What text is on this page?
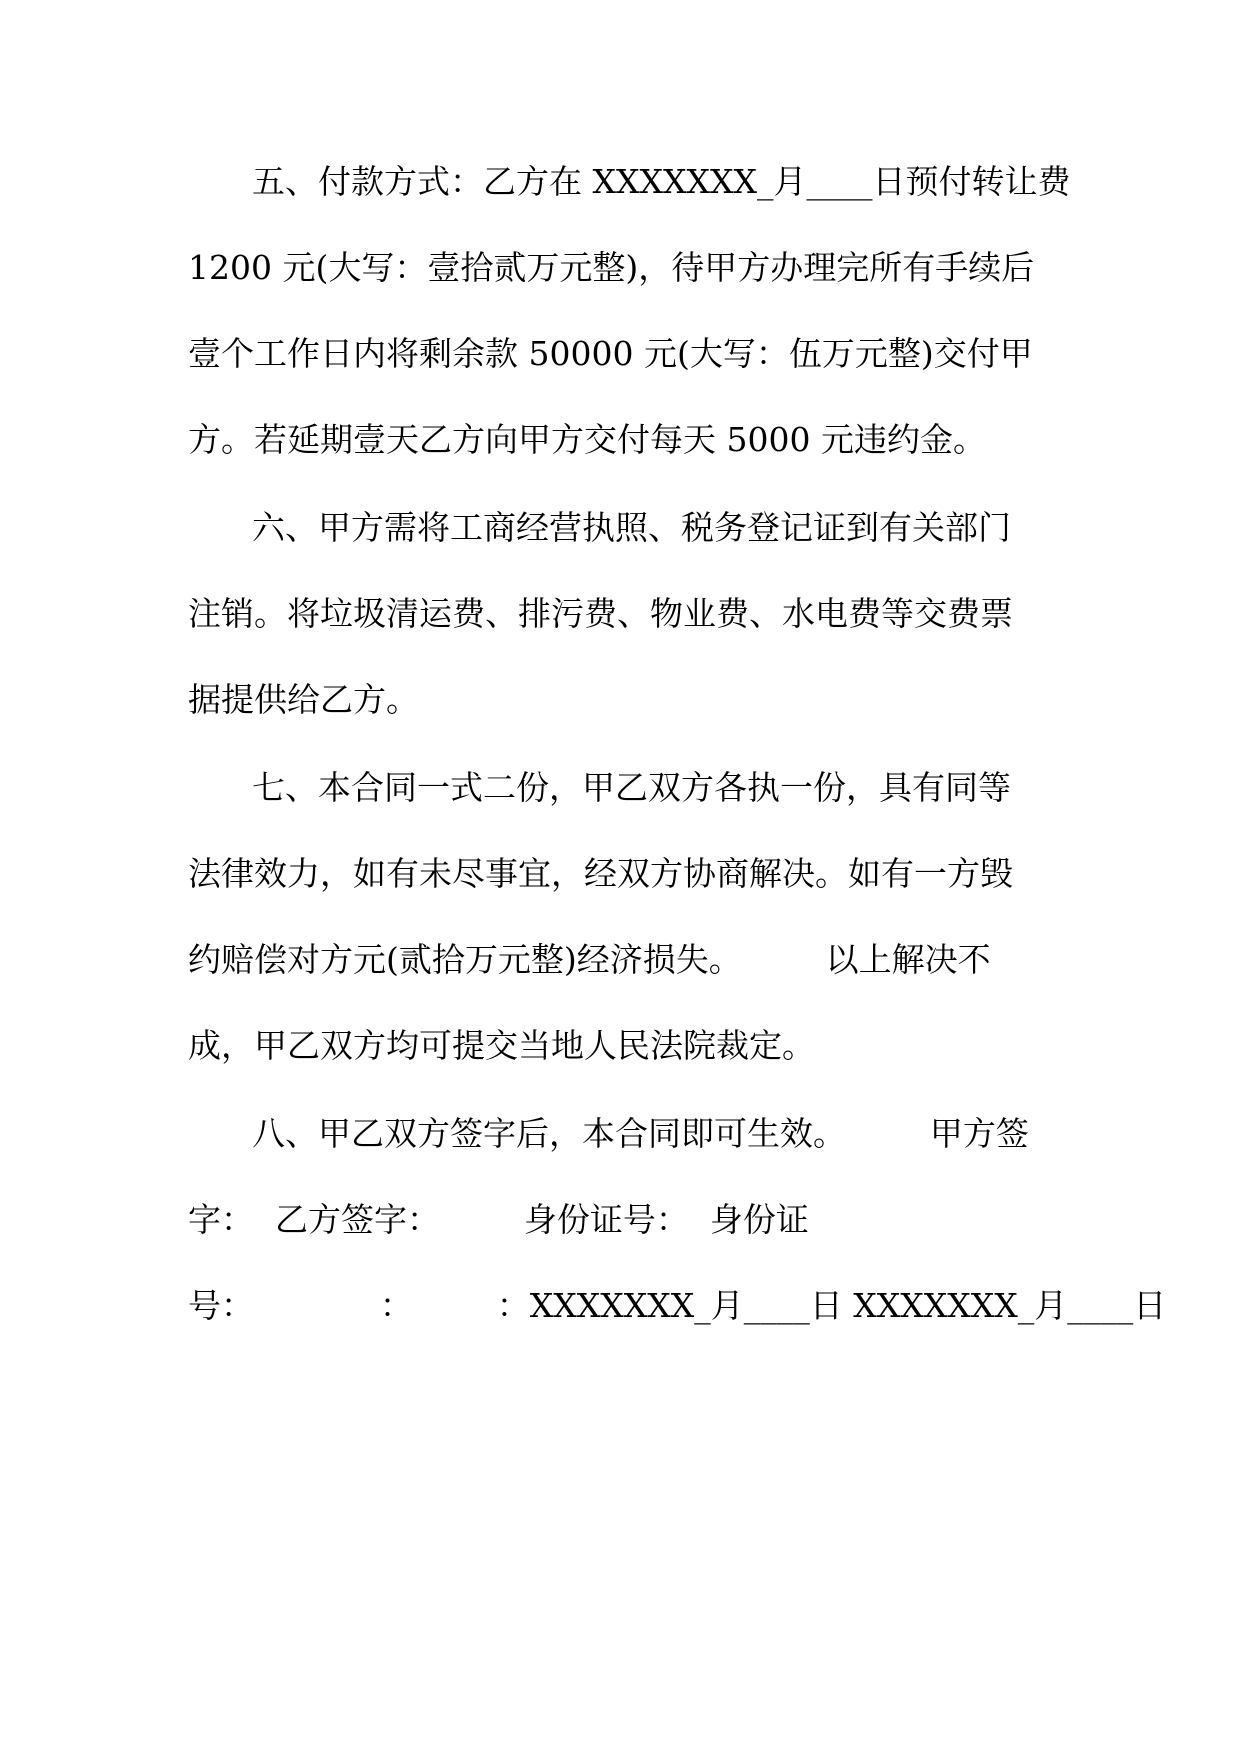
五、付款方式：乙方在 XXXXXXX_月____日预付转让费
1200 元(大写：壹拾贰万元整)，待甲方办理完所有手续后
壹个工作日内将剩余款 50000 元(大写：伍万元整)交付甲
方。若延期壹天乙方向甲方交付每天 5000 元违约金。
六、甲方需将工商经营执照、税务登记证到有关部门
注销。将垃圾清运费、排污费、物业费、水电费等交费票
据提供给乙方。
七、本合同一式二份，甲乙双方各执一份，具有同等
法律效力，如有未尽事宜，经双方协商解决。如有一方毁
约赔偿对方元(贰拾万元整)经济损失。        以上解决不
成，甲乙双方均可提交当地人民法院裁定。
八、甲乙双方签字后，本合同即可生效。        甲方签
字：  乙方签字：        身份证号：  身份证
号：            ：        ：XXXXXXX_月____日 XXXXXXX_月____日
